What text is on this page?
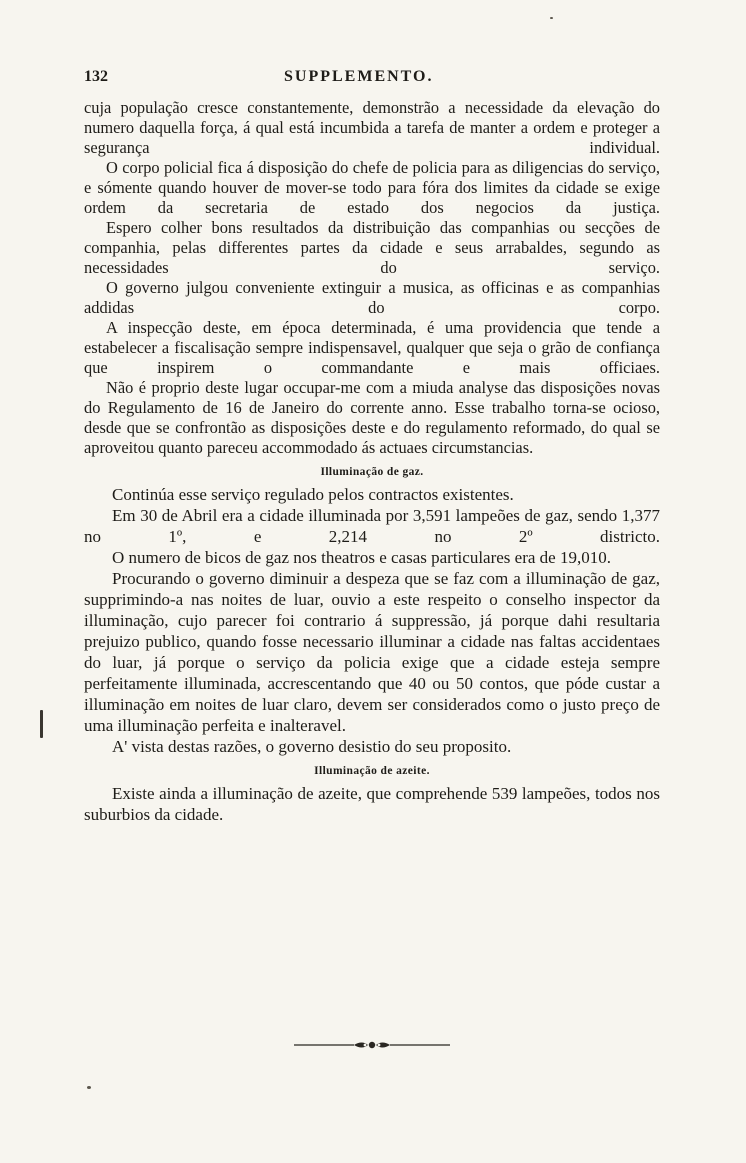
132	SUPPLEMENTO.

cuja população cresce constantemente, demonstrão a necessidade da elevação do numero daquella força, á qual está incumbida a tarefa de manter a ordem e proteger a segurança individual.

O corpo policial fica á disposição do chefe de policia para as diligencias do serviço, e sómente quando houver de mover-se todo para fóra dos limites da cidade se exige ordem da secretaria de estado dos negocios da justiça.

Espero colher bons resultados da distribuição das companhias ou secções de companhia, pelas differentes partes da cidade e seus arrabaldes, segundo as necessidades do serviço.

O governo julgou conveniente extinguir a musica, as officinas e as companhias addidas do corpo.

A inspecção deste, em época determinada, é uma providencia que tende a estabelecer a fiscalisação sempre indispensavel, qualquer que seja o grão de confiança que inspirem o commandante e mais officiaes.

Não é proprio deste lugar occupar-me com a miuda analyse das disposições novas do Regulamento de 16 de Janeiro do corrente anno. Esse trabalho torna-se ocioso, desde que se confrontão as disposições deste e do regulamento reformado, do qual se aproveitou quanto pareceu accommodado ás actuaes circumstancias.

Illuminação de gaz.

Continúa esse serviço regulado pelos contractos existentes.

Em 30 de Abril era a cidade illuminada por 3,591 lampeões de gaz, sendo 1,377 no 1º, e 2,214 no 2º districto.

O numero de bicos de gaz nos theatros e casas particulares era de 19,010.

Procurando o governo diminuir a despeza que se faz com a illuminação de gaz, supprimindo-a nas noites de luar, ouvio a este respeito o conselho inspector da illuminação, cujo parecer foi contrario á suppressão, já porque dahi resultaria prejuizo publico, quando fosse necessario illuminar a cidade nas faltas accidentaes do luar, já porque o serviço da policia exige que a cidade esteja sempre perfeitamente illuminada, accrescentando que 40 ou 50 contos, que póde custar a illuminação em noites de luar claro, devem ser considerados como o justo preço de uma illuminação perfeita e inalteravel.

A' vista destas razões, o governo desistio do seu proposito.

Illuminação de azeite.

Existe ainda a illuminação de azeite, que comprehende 539 lampeões, todos nos suburbios da cidade.
